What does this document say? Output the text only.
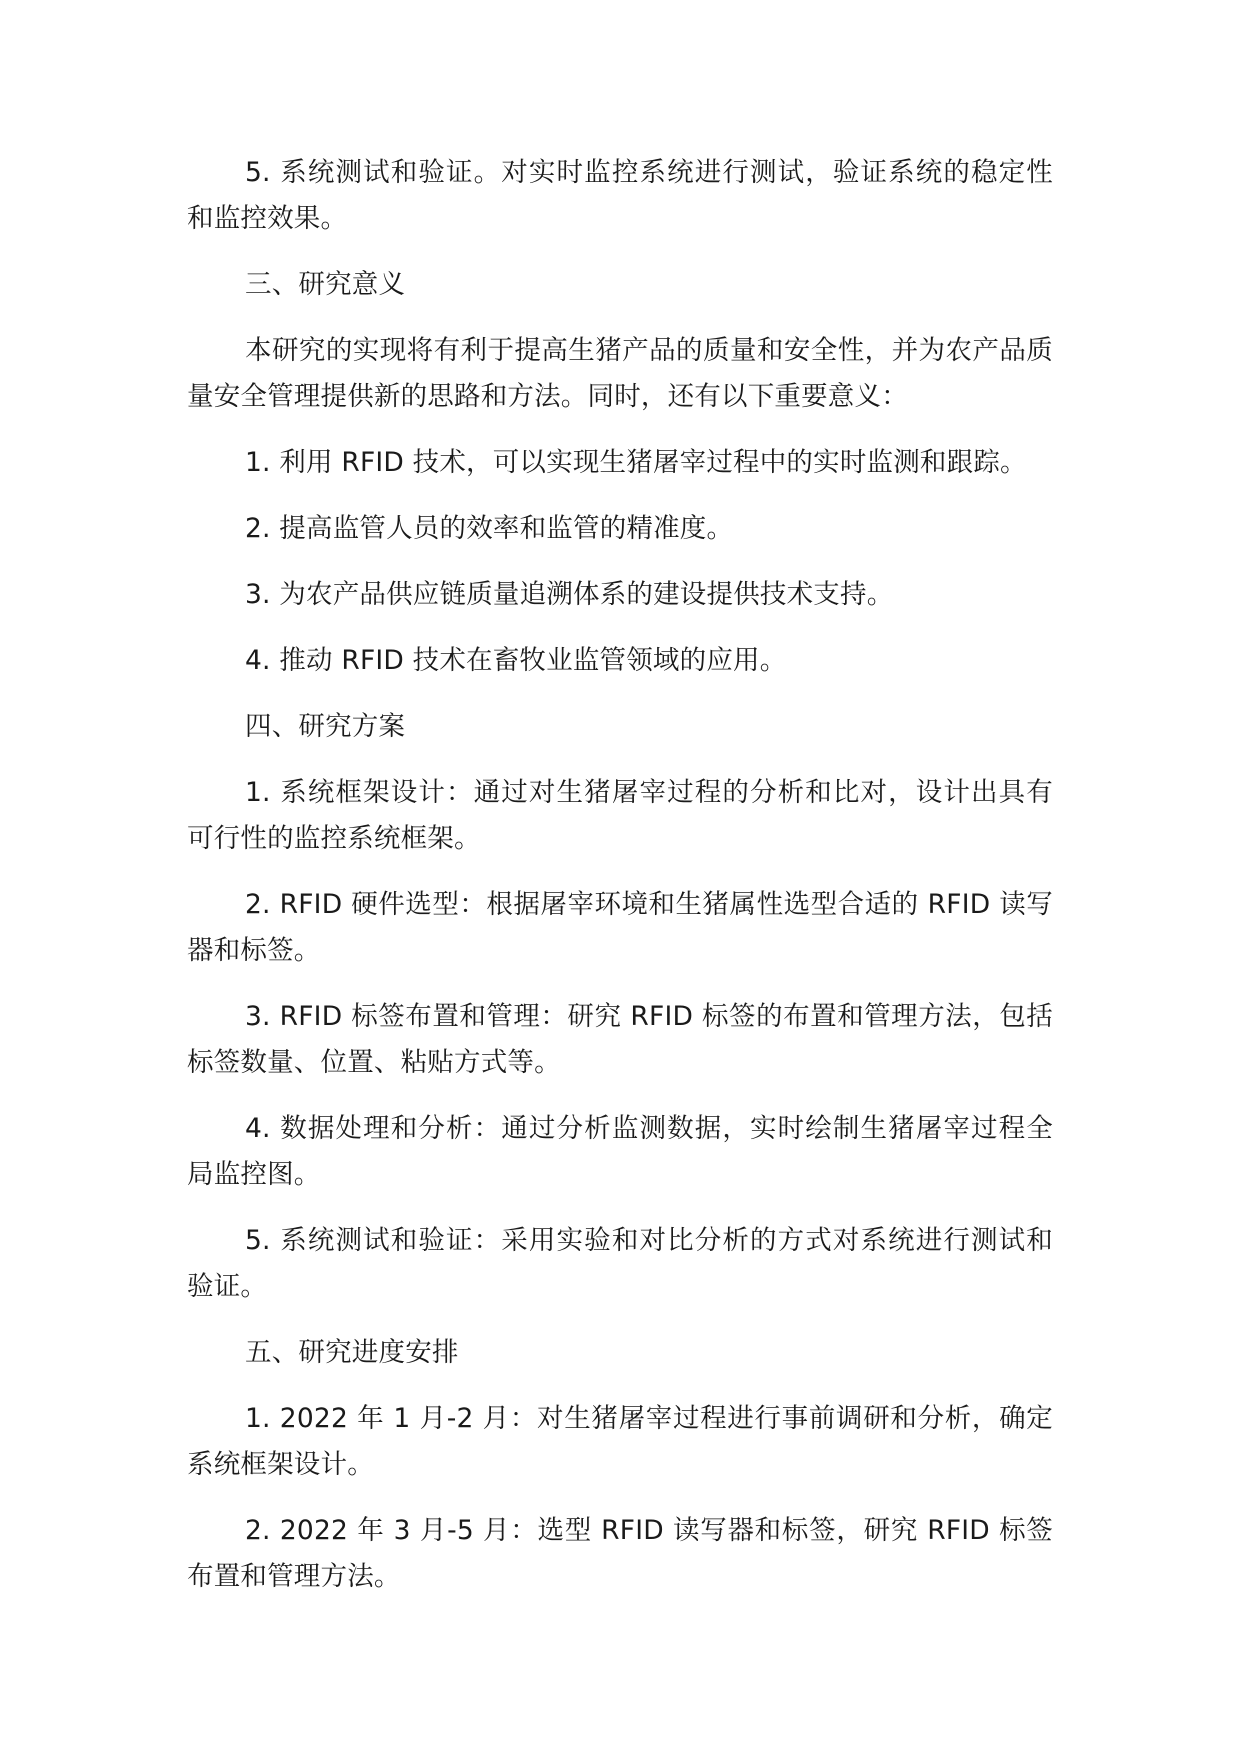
5. 系统测试和验证。对实时监控系统进行测试，验证系统的稳定性和监控效果。

三、研究意义

本研究的实现将有利于提高生猪产品的质量和安全性，并为农产品质量安全管理提供新的思路和方法。同时，还有以下重要意义：

1. 利用 RFID 技术，可以实现生猪屠宰过程中的实时监测和跟踪。

2. 提高监管人员的效率和监管的精准度。

3. 为农产品供应链质量追溯体系的建设提供技术支持。

4. 推动 RFID 技术在畜牧业监管领域的应用。

四、研究方案

1. 系统框架设计：通过对生猪屠宰过程的分析和比对，设计出具有可行性的监控系统框架。

2. RFID 硬件选型：根据屠宰环境和生猪属性选型合适的 RFID 读写器和标签。

3. RFID 标签布置和管理：研究 RFID 标签的布置和管理方法，包括标签数量、位置、粘贴方式等。

4. 数据处理和分析：通过分析监测数据，实时绘制生猪屠宰过程全局监控图。

5. 系统测试和验证：采用实验和对比分析的方式对系统进行测试和验证。

五、研究进度安排

1. 2022 年 1 月-2 月：对生猪屠宰过程进行事前调研和分析，确定系统框架设计。

2. 2022 年 3 月-5 月：选型 RFID 读写器和标签，研究 RFID 标签布置和管理方法。
